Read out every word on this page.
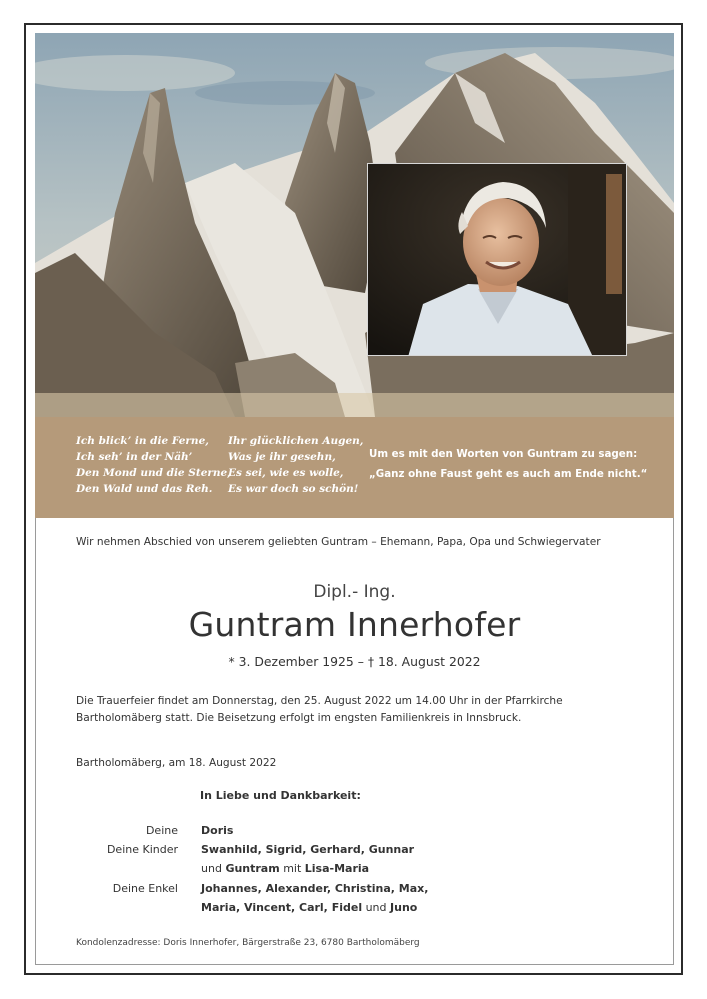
Ich blick’ in die Ferne,
Ich seh’ in der Näh’
Den Mond und die Sterne,
Den Wald und das Reh.
Ihr glücklichen Augen,
Was je ihr gesehn,
Es sei, wie es wolle,
Es war doch so schön!
Um es mit den Worten von Guntram zu sagen:
„Ganz ohne Faust geht es auch am Ende nicht.“
Wir nehmen Abschied von unserem geliebten Guntram – Ehemann, Papa, Opa und Schwiegervater
Dipl.- Ing.
Guntram Innerhofer
* 3. Dezember 1925 – † 18. August 2022
Die Trauerfeier findet am Donnerstag, den 25. August 2022 um 14.00 Uhr in der Pfarrkirche
Bartholomäberg statt. Die Beisetzung erfolgt im engsten Familienkreis in Innsbruck.
Bartholomäberg, am 18. August 2022
In Liebe und Dankbarkeit:
Deine Doris
Deine Kinder Swanhild, Sigrid, Gerhard, Gunnar
und Guntram mit Lisa-Maria
Deine Enkel Johannes, Alexander, Christina, Max,
Maria, Vincent, Carl, Fidel und Juno
Kondolenzadresse: Doris Innerhofer, Bärgerstraße 23, 6780 Bartholomäberg
